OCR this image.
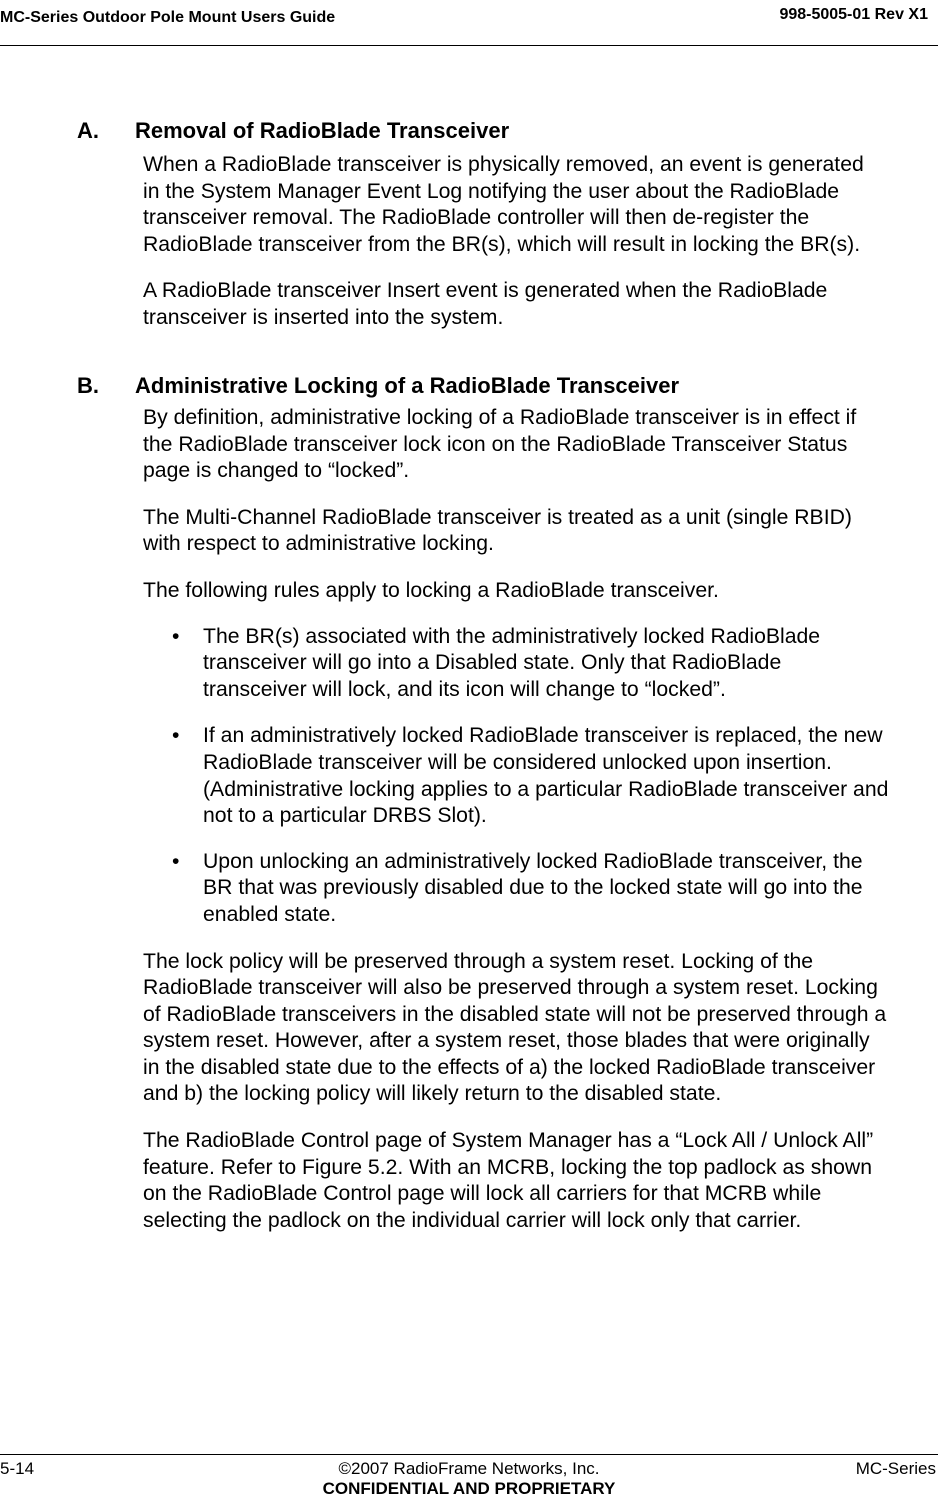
MC-Series Outdoor Pole Mount Users Guide	998-5005-01 Rev X1
A. Removal of RadioBlade Transceiver

When a RadioBlade transceiver is physically removed, an event is generated
in the System Manager Event Log notifying the user about the RadioBlade
transceiver removal. The RadioBlade controller will then de-register the
RadioBlade transceiver from the BR(s), which will result in locking the BR(s).

A RadioBlade transceiver Insert event is generated when the RadioBlade
transceiver is inserted into the system.

B. Administrative Locking of a RadioBlade Transceiver

By definition, administrative locking of a RadioBlade transceiver is in effect if
the RadioBlade transceiver lock icon on the RadioBlade Transceiver Status
page is changed to “locked”.

The Multi-Channel RadioBlade transceiver is treated as a unit (single RBID)
with respect to administrative locking.

The following rules apply to locking a RadioBlade transceiver.

• The BR(s) associated with the administratively locked RadioBlade
transceiver will go into a Disabled state. Only that RadioBlade
transceiver will lock, and its icon will change to “locked”.
• If an administratively locked RadioBlade transceiver is replaced, the new
RadioBlade transceiver will be considered unlocked upon insertion.
(Administrative locking applies to a particular RadioBlade transceiver and
not to a particular DRBS Slot).
• Upon unlocking an administratively locked RadioBlade transceiver, the
BR that was previously disabled due to the locked state will go into the
enabled state.

The lock policy will be preserved through a system reset. Locking of the
RadioBlade transceiver will also be preserved through a system reset. Locking
of RadioBlade transceivers in the disabled state will not be preserved through a
system reset. However, after a system reset, those blades that were originally
in the disabled state due to the effects of a) the locked RadioBlade transceiver
and b) the locking policy will likely return to the disabled state.

The RadioBlade Control page of System Manager has a “Lock All / Unlock All”
feature. Refer to Figure 5.2. With an MCRB, locking the top padlock as shown
on the RadioBlade Control page will lock all carriers for that MCRB while
selecting the padlock on the individual carrier will lock only that carrier.

5-14	©2007 RadioFrame Networks, Inc.
CONFIDENTIAL AND PROPRIETARY
MC-Series
